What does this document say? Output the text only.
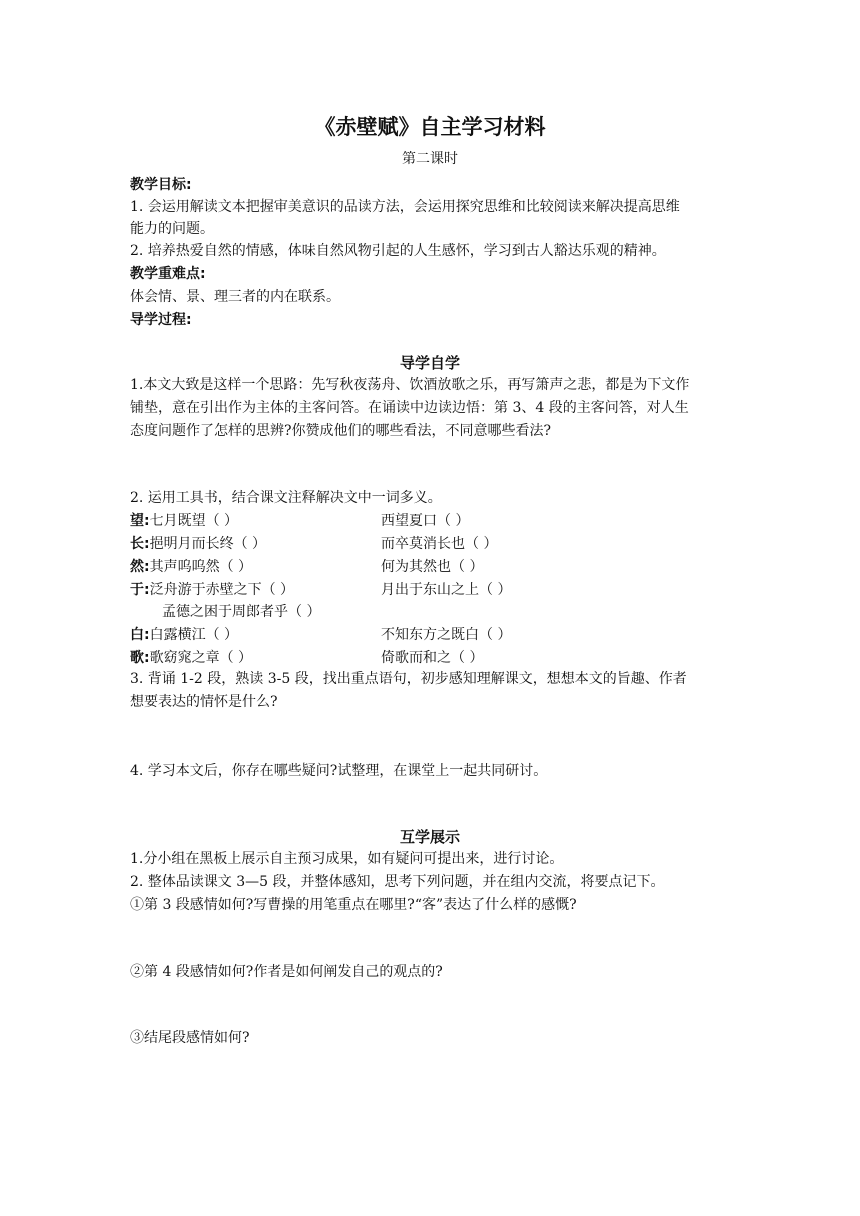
《赤壁赋》自主学习材料
第二课时
教学目标:
1. 会运用解读文本把握审美意识的品读方法，会运用探究思维和比较阅读来解决提高思维
能力的问题。
2. 培养热爱自然的情感，体味自然风物引起的人生感怀，学习到古人豁达乐观的精神。
教学重难点:
体会情、景、理三者的内在联系。
导学过程:
导学自学
1.本文大致是这样一个思路：先写秋夜荡舟、饮酒放歌之乐，再写箫声之悲，都是为下文作
铺垫，意在引出作为主体的主客问答。在诵读中边读边悟：第 3、4 段的主客问答，对人生
态度问题作了怎样的思辨?你赞成他们的哪些看法，不同意哪些看法?
2. 运用工具书，结合课文注释解决文中一词多义。
望:七月既望（ ）	西望夏口（ ）
长:挹明月而长终（ ）	而卒莫消长也（ ）
然:其声呜呜然（ ）	何为其然也（ ）
于:泛舟游于赤壁之下（ ）	月出于东山之上（ ）
孟德之困于周郎者乎（ ）
白:白露横江（ ）	不知东方之既白（ ）
歌:歌窈窕之章（ ）	倚歌而和之（ ）
3. 背诵 1-2 段，熟读 3-5 段，找出重点语句，初步感知理解课文，想想本文的旨趣、作者
想要表达的情怀是什么?
4. 学习本文后，你存在哪些疑问?试整理，在课堂上一起共同研讨。
互学展示
1.分小组在黑板上展示自主预习成果，如有疑问可提出来，进行讨论。
2. 整体品读课文 3—5 段，并整体感知，思考下列问题，并在组内交流，将要点记下。
①第 3 段感情如何?写曹操的用笔重点在哪里?“客”表达了什么样的感慨?
②第 4 段感情如何?作者是如何阐发自己的观点的?
③结尾段感情如何?
